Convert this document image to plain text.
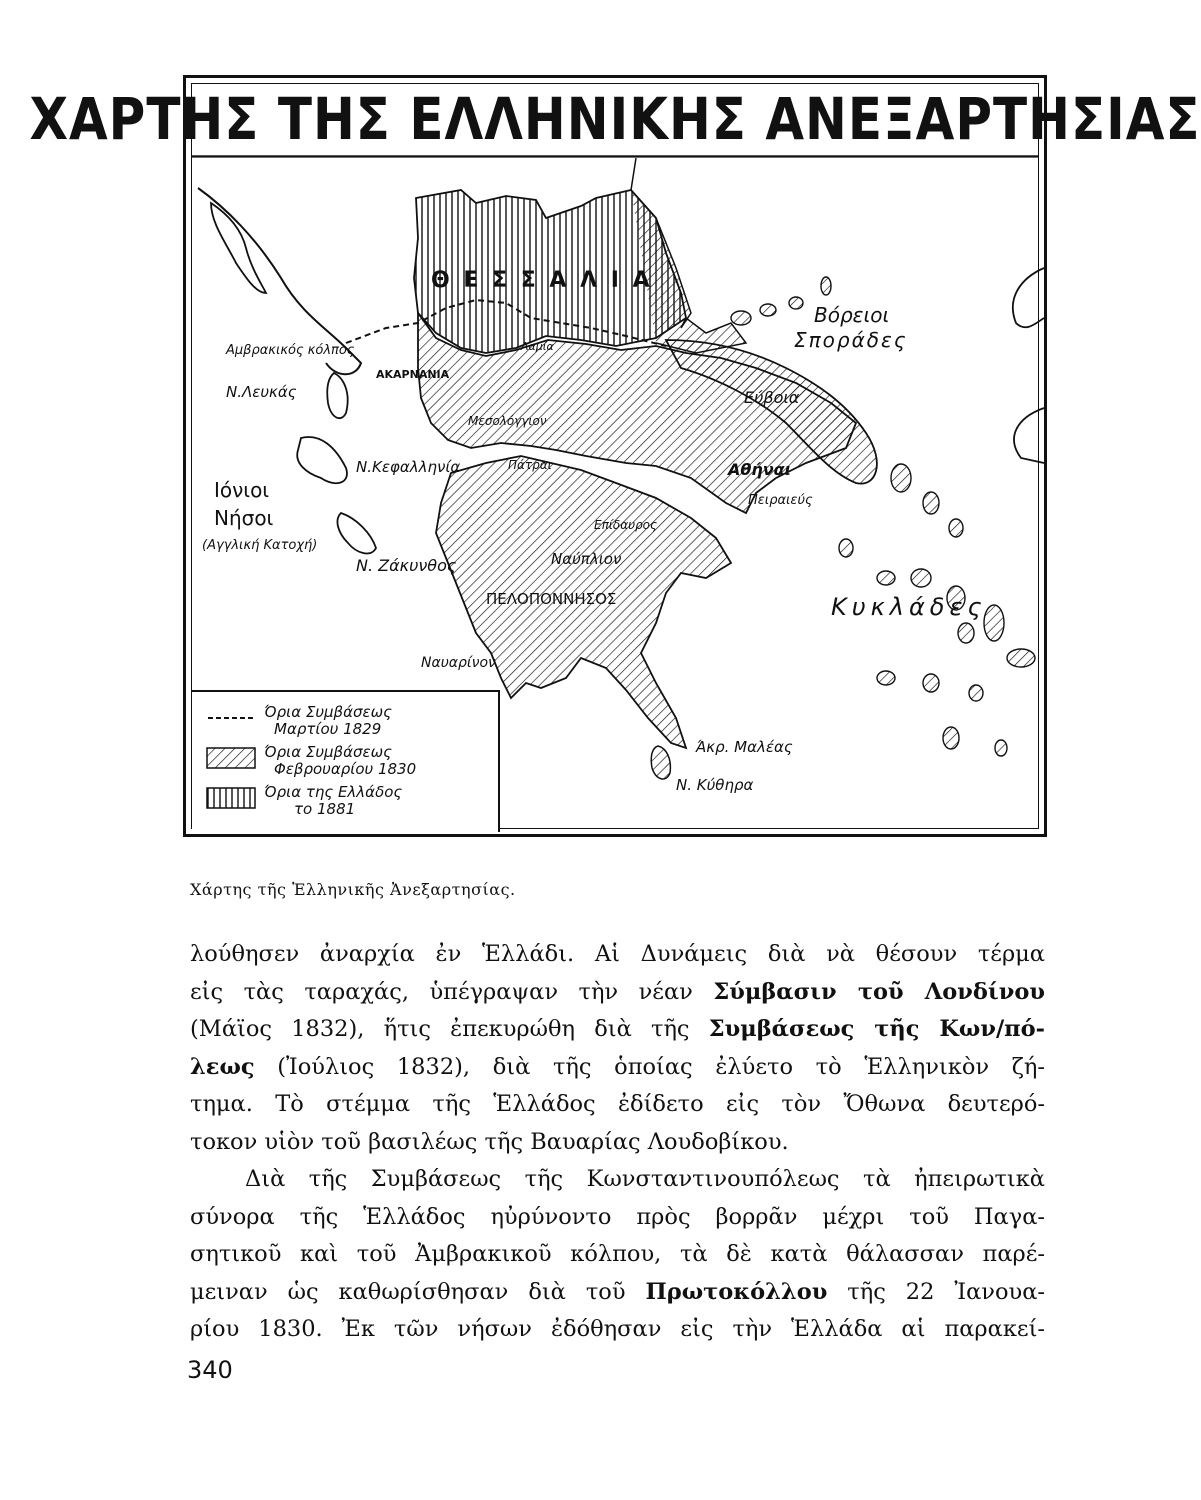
ΧΑΡΤΗΣ ΤΗΣ ΕΛΛΗΝΙΚΗΣ ΑΝΕΞΑΡΤΗΣΙΑΣ
Θ Ε Σ Σ Α Λ Ι Α
Βόρειοι
Σποράδες
Αμβρακικός κόλπος
Ν.Λευκάς
ΑΚΑΡΝΑΝΙΑ
Λαμία
Εύβοια
Μεσολόγγιον
Ν.Κεφαλληνία	Πάτραι	Αθήναι
Πειραιεύς
Ιόνιοι
Νήσοι
(Αγγλική Κατοχή)
Επίδαυρος
Ν. Ζάκυνθος	Ναύπλιον
ΠΕΛΟΠΟΝΝΗΣΟΣ	Κυκλάδες
Ναυαρίνον
Άκρ. Μαλέας
Ν. Κύθηρα
Όρια Συμβάσεως
Μαρτίου 1829
Όρια Συμβάσεως
Φεβρουαρίου 1830
Όρια της Ελλάδος
το 1881
Χάρτης τῆς Ἑλληνικῆς Ἀνεξαρτησίας.

λούθησεν ἀναρχία ἐν Ἑλλάδι. Αἱ Δυνάμεις διὰ νὰ θέσουν τέρμα

εἰς τὰς ταραχάς, ὑπέγραψαν τὴν νέαν Σύμβασιν τοῦ Λονδίνου

(Μάϊος 1832), ἥτις ἐπεκυρώθη διὰ τῆς Συμβάσεως τῆς Κων/πό-

λεως (Ἰούλιος 1832), διὰ τῆς ὁποίας ἐλύετο τὸ Ἑλληνικὸν ζή-

τημα. Τὸ στέμμα τῆς Ἑλλάδος ἐδίδετο εἰς τὸν Ὄθωνα δευτερό-

τοκον υἱὸν τοῦ βασιλέως τῆς Βαυαρίας Λουδοβίκου.

Διὰ τῆς Συμβάσεως τῆς Κωνσταντινουπόλεως τὰ ἠπειρωτικὰ

σύνορα τῆς Ἑλλάδος ηὐρύνοντο πρὸς βορρᾶν μέχρι τοῦ Παγα-

σητικοῦ καὶ τοῦ Ἀμβρακικοῦ κόλπου, τὰ δὲ κατὰ θάλασσαν παρέ-

μειναν ὡς καθωρίσθησαν διὰ τοῦ Πρωτοκόλλου τῆς 22 Ἰανουα-

ρίου 1830. Ἐκ τῶν νήσων ἐδόθησαν εἰς τὴν Ἑλλάδα αἱ παρακεί-

340
